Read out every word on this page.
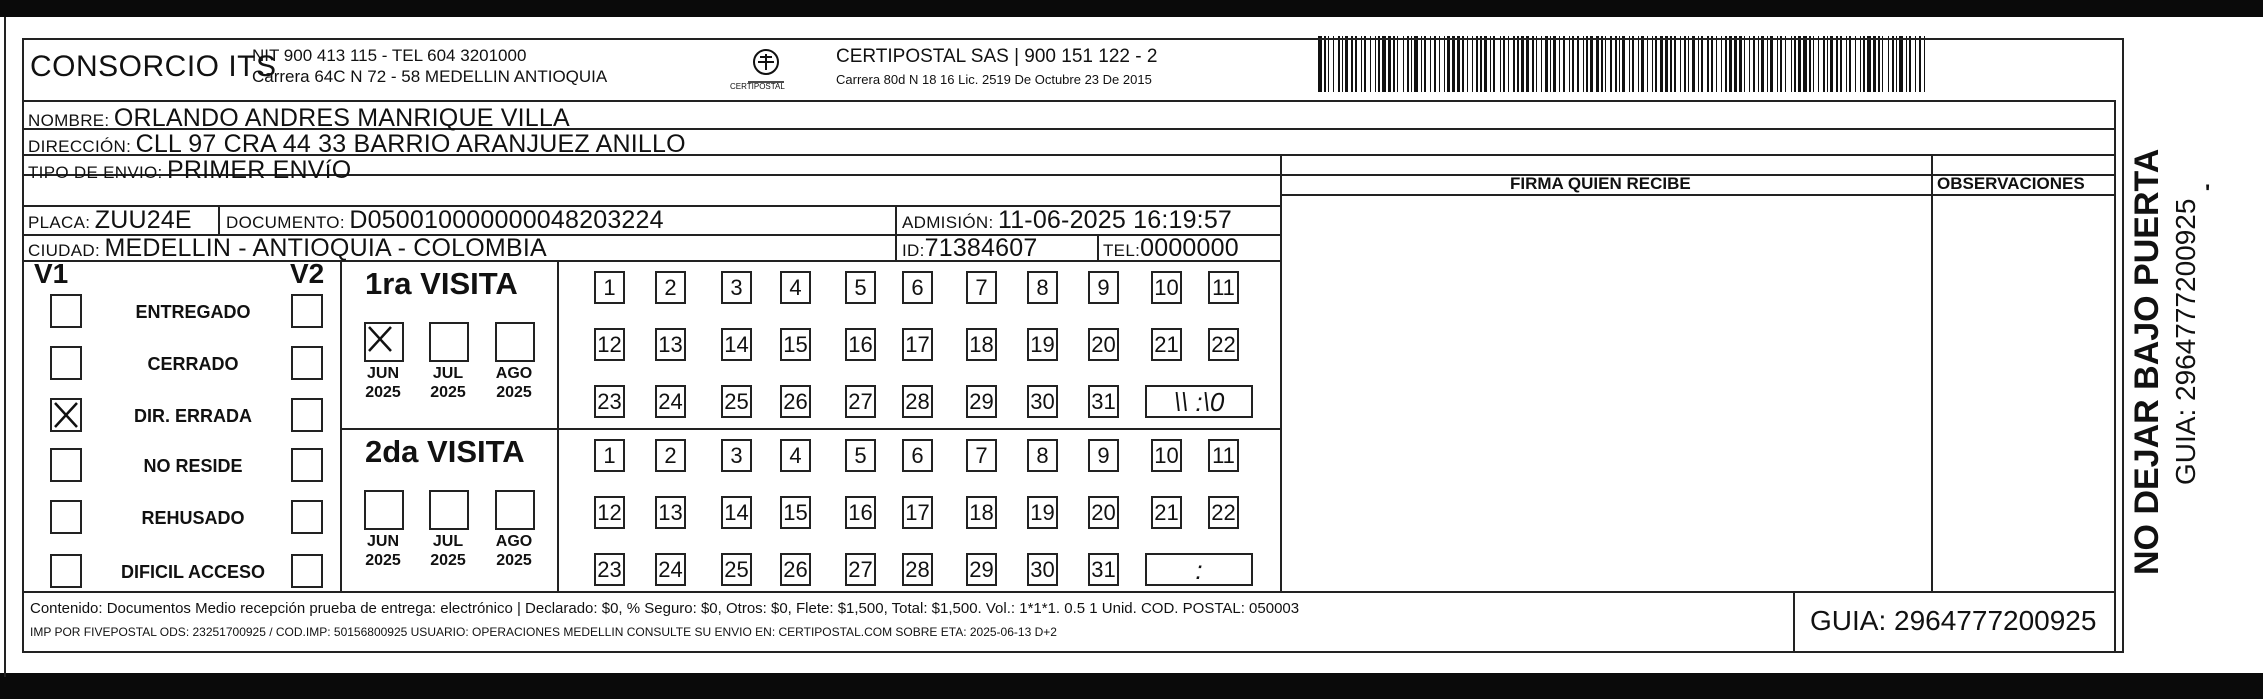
CONSORCIO ITS
NIT 900 413 115 - TEL 604 3201000
Carrera 64C N 72 - 58 MEDELLIN ANTIOQUIA
CERTIPOSTAL
CERTIPOSTAL SAS | 900 151 122 - 2
Carrera 80d N 18 16 Lic. 2519 De Octubre 23 De 2015
NOMBRE: ORLANDO ANDRES MANRIQUE VILLA
DIRECCIÓN: CLL 97 CRA 44 33 BARRIO ARANJUEZ ANILLO
TIPO DE ENVIO: PRIMER ENVíO	FIRMA QUIEN RECIBE	OBSERVACIONES
PLACA: ZUU24E DOCUMENTO: D050010000000048203224	ADMISIÓN: 11-06-2025 16:19:57
CIUDAD: MEDELLIN - ANTIOQUIA - COLOMBIA	ID:71384607	TEL:0000000
V1	V2
ENTREGADO
CERRADO
DIR. ERRADA
NO RESIDE
REHUSADO
DIFICIL ACCESO
1ra VISITA
JUN
2025
JUL
2025
AGO
2025
1	2	3	4	5	6	7	8	9	10 11
12 13 14 15 16 17 18 19 20 21 22
23 24 25 26 27 28 29 30 31	\\ :\0
2da VISITA
JUN
2025
JUL
2025
AGO
2025
1	2	3	4	5	6	7	8	9	10 11
12 13 14 15 16 17 18 19 20 21 22
23 24 25 26 27 28 29 30 31	:
Contenido: Documentos Medio recepción prueba de entrega: electrónico | Declarado: $0, % Seguro: $0, Otros: $0, Flete: $1,500, Total: $1,500. Vol.: 1*1*1. 0.5 1 Unid. COD. POSTAL: 050003
IMP POR FIVEPOSTAL ODS: 23251700925 / COD.IMP: 50156800925 USUARIO: OPERACIONES MEDELLIN CONSULTE SU ENVIO EN: CERTIPOSTAL.COM SOBRE ETA: 2025-06-13 D+2	GUIA: 2964777200925
NO DEJAR BAJO PUERTA GUIA: 2964777200925
'
